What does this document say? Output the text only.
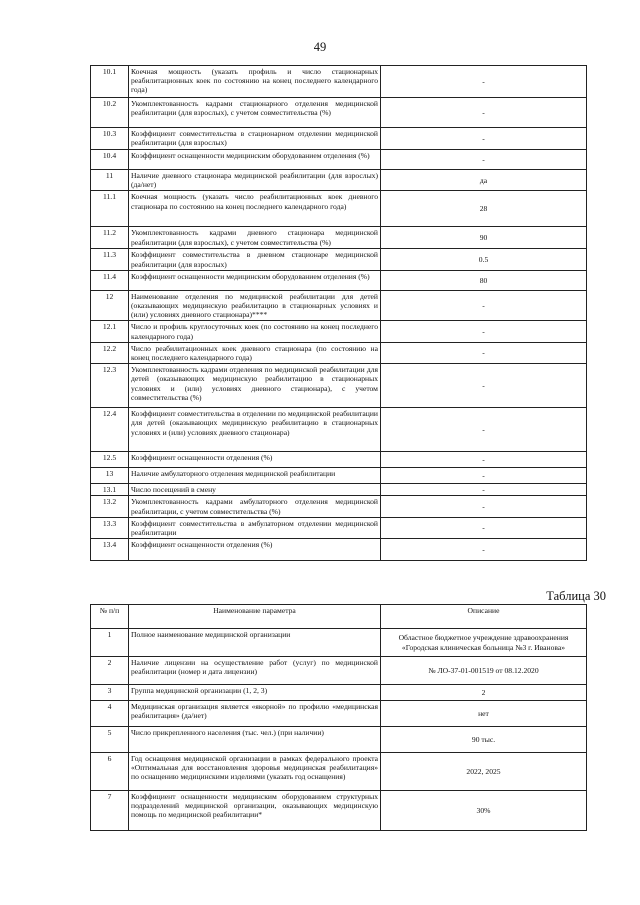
49
10.1	Коечная мощность (указать профиль и число стационарных реабилитационных коек по состоянию на конец последнего календарного года)	-
10.2	Укомплектованность кадрами стационарного отделения медицинской реабилитации (для взрослых), с учетом совместительства (%)	-
10.3	Коэффициент совместительства в стационарном отделении медицинской реабилитации (для взрослых)	-
10.4	Коэффициент оснащенности медицинским оборудованием отделения (%)	-
11	Наличие дневного стационара медицинской реабилитации (для взрослых) (да/нет)	да
11.1	Коечная мощность (указать число реабилитационных коек дневного стационара по состоянию на конец последнего календарного года)	28
11.2	Укомплектованность кадрами дневного стационара медицинской реабилитации (для взрослых), с учетом совместительства (%)	90
11.3	Коэффициент совместительства в дневном стационаре медицинской реабилитации (для взрослых)	0.5
11.4	Коэффициент оснащенности медицинским оборудованием отделения (%)	80
12	Наименование отделения по медицинской реабилитации для детей (оказывающих медицинскую реабилитацию в стационарных условиях и (или) условиях дневного стационара)****	-
12.1	Число и профиль круглосуточных коек (по состоянию на конец последнего календарного года)	-
12.2	Число реабилитационных коек дневного стационара (по состоянию на конец последнего календарного года)	-
12.3	Укомплектованность кадрами отделения по медицинской реабилитации для детей (оказывающих медицинскую реабилитацию в стационарных условиях и (или) условиях дневного стационара), с учетом совместительства (%)	-
12.4	Коэффициент совместительства в отделении по медицинской реабилитации для детей (оказывающих медицинскую реабилитацию в стационарных условиях и (или) условиях дневного стационара)	-
12.5	Коэффициент оснащенности отделения (%)	-
13	Наличие амбулаторного отделения медицинской реабилитации	-
13.1	Число посещений в смену	-
13.2	Укомплектованность кадрами амбулаторного отделения медицинской реабилитации, с учетом совместительства (%)	-
13.3	Коэффициент совместительства в амбулаторном отделении медицинской реабилитации	-
13.4	Коэффициент оснащенности отделения (%)	-
Таблица 30
№ п/п	Наименование параметра	Описание
1	Полное наименование медицинской организации	Областное бюджетное учреждение здравоохранения «Городская клиническая больница №3 г. Иванова»
2	Наличие лицензии на осуществление работ (услуг) по медицинской реабилитации (номер и дата лицензии)	№ ЛО-37-01-001519 от 08.12.2020
3	Группа медицинской организации (1, 2, 3)	2
4	Медицинская организация является «якорной» по профилю «медицинская реабилитация» (да/нет)	нет
5	Число прикрепленного населения (тыс. чел.) (при наличии)	90 тыс.
6	Год оснащения медицинской организации в рамках федерального проекта «Оптимальная для восстановления здоровья медицинская реабилитация» по оснащению медицинскими изделиями (указать год оснащения)	2022, 2025
7	Коэффициент оснащенности медицинским оборудованием структурных подразделений медицинской организации, оказывающих медицинскую помощь по медицинской реабилитации*	30%
